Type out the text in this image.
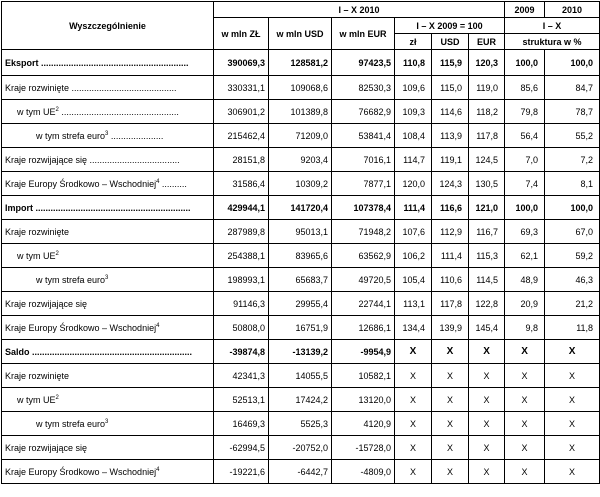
Wyszczególnienie	I – X 2010						2009	2010
	w mln ZŁ	w mln USD	w mln EUR	I – X 2009 = 100			I – X	
				zł	USD	EUR	struktura w %	
Eksport ...........................................................	390069,3	128581,2	97423,5	110,8	115,9	120,3	100,0	100,0
Kraje rozwinięte ..........................................	330331,1	109068,6	82530,3	109,6	115,0	119,0	85,6	84,7
w tym $UE^2$ ...............................................	306901,2	101389,8	76682,9	109,3	114,6	118,2	79,8	78,7
w tym strefa euro$^3$ .....................	215462,4	71209,0	53841,4	108,4	113,9	117,8	56,4	55,2
Kraje rozwijające się ....................................	28151,8	9203,4	7016,1	114,7	119,1	124,5	7,0	7,2
Kraje Europy Środkowo – Wschodniej$^4$ ..........	31586,4	10309,2	7877,1	120,0	124,3	130,5	7,4	8,1
Import ..............................................................	429944,1	141720,4	107378,4	111,4	116,6	121,0	100,0	100,0
Kraje rozwinięte	287989,8	95013,1	71948,2	107,6	112,9	116,7	69,3	67,0
w tym $UE^2$	254388,1	83965,6	63562,9	106,2	111,4	115,3	62,1	59,2
w tym strefa euro$^3$	198993,1	65683,7	49720,5	105,4	110,6	114,5	48,9	46,3
Kraje rozwijające się	91146,3	29955,4	22744,1	113,1	117,8	122,8	20,9	21,2
Kraje Europy Środkowo – Wschodniej$^4$	50808,0	16751,9	12686,1	134,4	139,9	145,4	9,8	11,8
Saldo ................................................................	-39874,8	-13139,2	-9954,9	X	X	X	X	X
Kraje rozwinięte	42341,3	14055,5	10582,1	X	X	X	X	X
w tym $UE^2$	52513,1	17424,2	13120,0	X	X	X	X	X
w tym strefa euro$^3$	16469,3	5525,3	4120,9	X	X	X	X	X
Kraje rozwijające się	-62994,5	-20752,0	-15728,0	X	X	X	X	X
Kraje Europy Środkowo – Wschodniej$^4$	-19221,6	-6442,7	-4809,0	X	X	X	X	X
